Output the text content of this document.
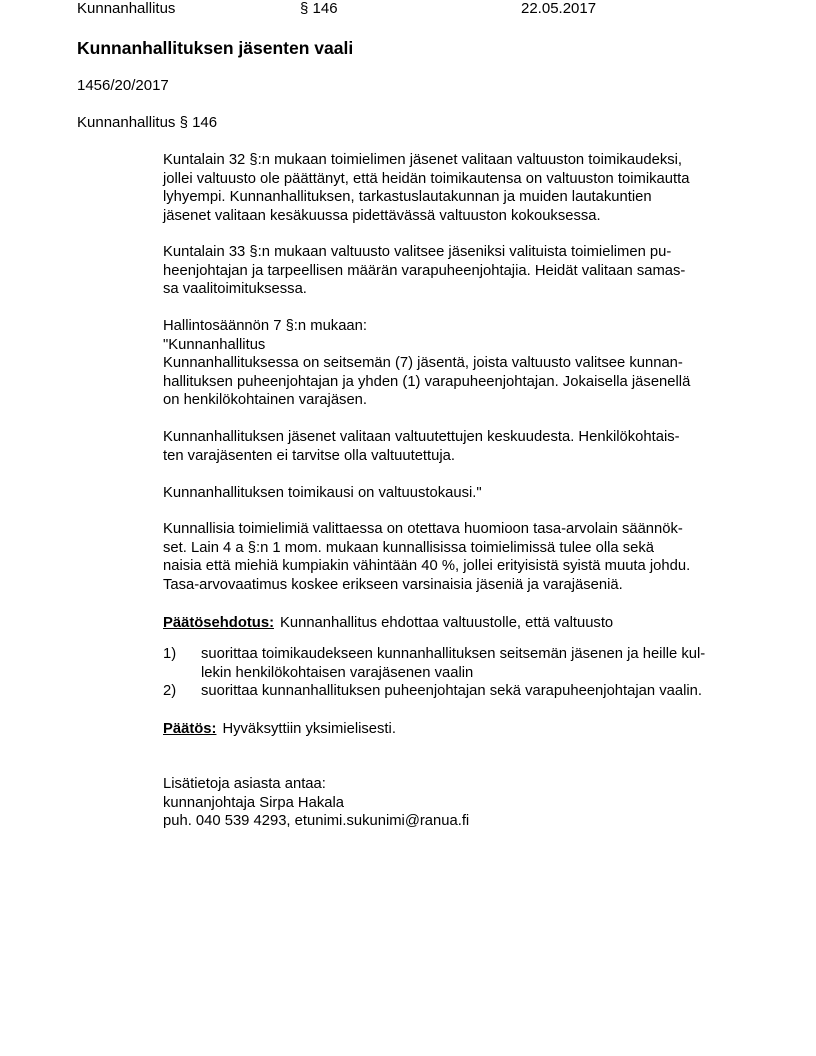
Kunnanhallitus	§ 146	22.05.2017
Kunnanhallituksen jäsenten vaali
1456/20/2017
Kunnanhallitus § 146
Kuntalain 32 §:n mukaan toimielimen jäsenet valitaan valtuuston toimikaudeksi,
jollei valtuusto ole päättänyt, että heidän toimikautensa on valtuuston toimikautta
lyhyempi. Kunnanhallituksen, tarkastuslautakunnan ja muiden lautakuntien
jäsenet valitaan kesäkuussa pidettävässä valtuuston kokouksessa.
Kuntalain 33 §:n mukaan valtuusto valitsee jäseniksi valituista toimielimen pu-
heenjohtajan ja tarpeellisen määrän varapuheenjohtajia. Heidät valitaan samas-
sa vaalitoimituksessa.
Hallintosäännön 7 §:n mukaan:
"Kunnanhallitus
Kunnanhallituksessa on seitsemän (7) jäsentä, joista valtuusto valitsee kunnan-
hallituksen puheenjohtajan ja yhden (1) varapuheenjohtajan. Jokaisella jäsenellä
on henkilökohtainen varajäsen.
Kunnanhallituksen jäsenet valitaan valtuutettujen keskuudesta. Henkilökohtais-
ten varajäsenten ei tarvitse olla valtuutettuja.
Kunnanhallituksen toimikausi on valtuustokausi."
Kunnallisia toimielimiä valittaessa on otettava huomioon tasa-arvolain säännök-
set. Lain 4 a §:n 1 mom. mukaan kunnallisissa toimielimissä tulee olla sekä
naisia että miehiä kumpiakin vähintään 40 %, jollei erityisistä syistä muuta johdu.
Tasa-arvovaatimus koskee erikseen varsinaisia jäseniä ja varajäseniä.
Päätösehdotus: Kunnanhallitus ehdottaa valtuustolle, että valtuusto
1) suorittaa toimikaudekseen kunnanhallituksen seitsemän jäsenen ja heille kul-
lekin henkilökohtaisen varajäsenen vaalin
2) suorittaa kunnanhallituksen puheenjohtajan sekä varapuheenjohtajan vaalin.
Päätös: Hyväksyttiin yksimielisesti.
Lisätietoja asiasta antaa:
kunnanjohtaja Sirpa Hakala
puh. 040 539 4293, etunimi.sukunimi@ranua.fi
